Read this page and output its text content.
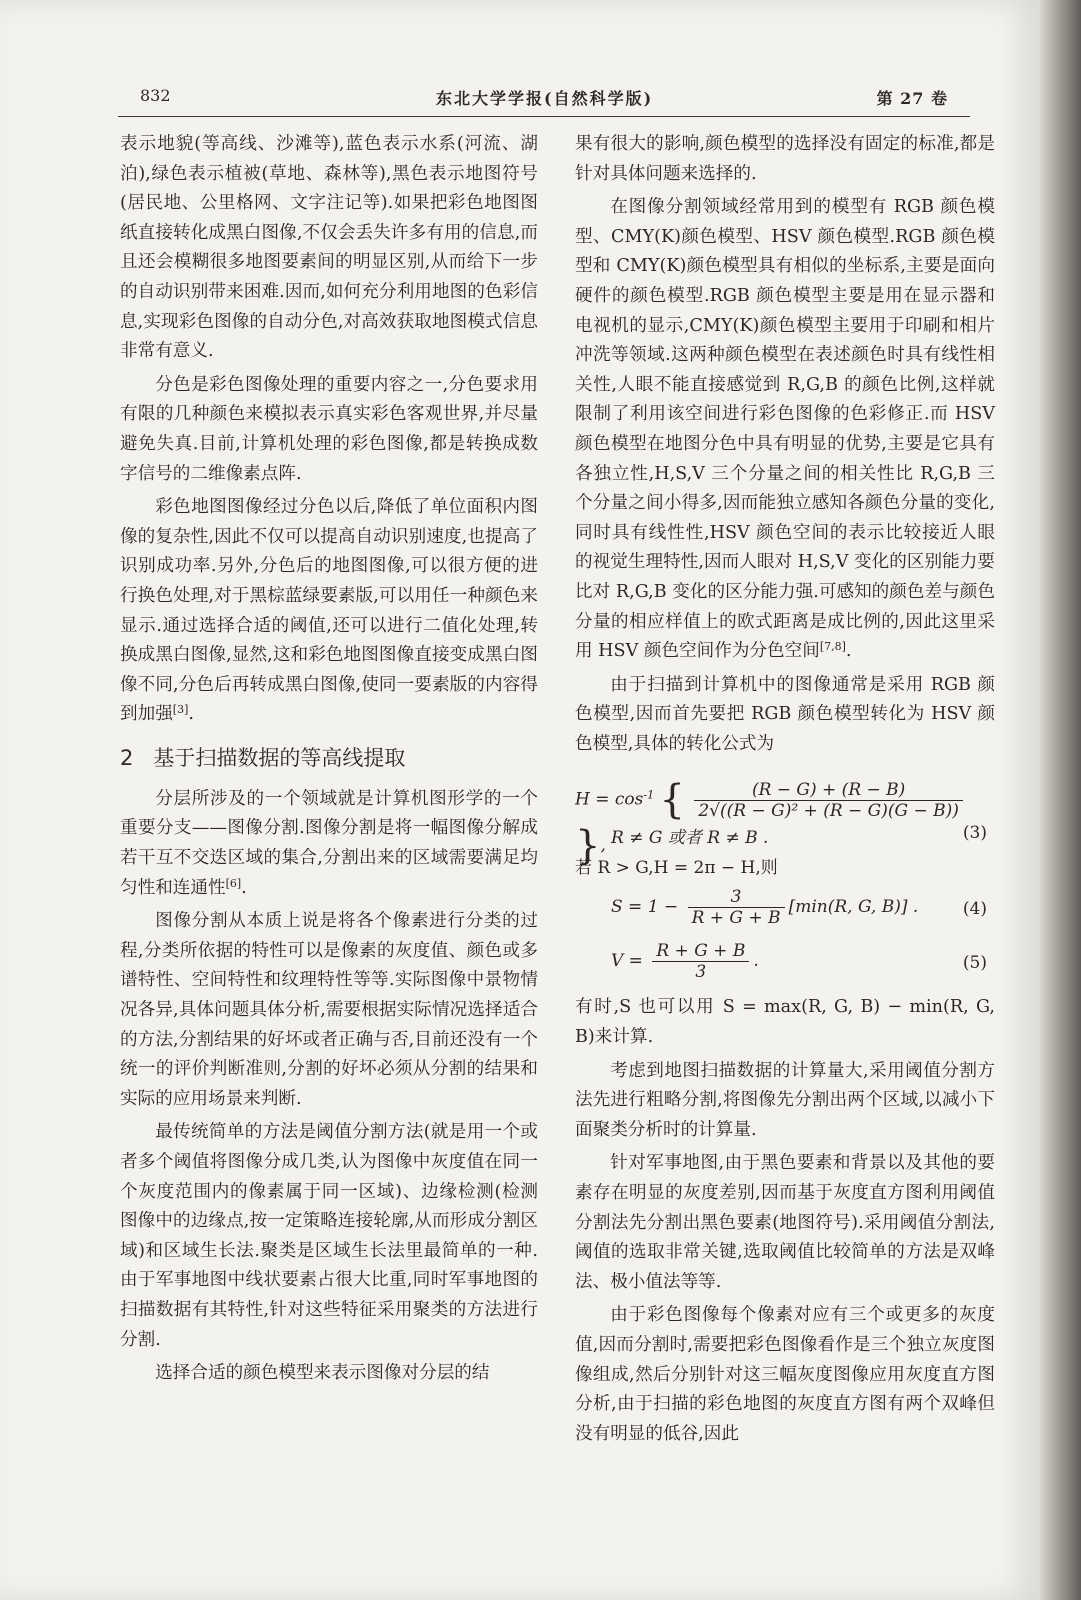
832	东北大学学报(自然科学版)	第 27 卷

表示地貌(等高线、沙滩等),蓝色表示水系(河流、湖泊),绿色表示植被(草地、森林等),黑色表示地图符号(居民地、公里格网、文字注记等).如果把彩色地图图纸直接转化成黑白图像,不仅会丢失许多有用的信息,而且还会模糊很多地图要素间的明显区别,从而给下一步的自动识别带来困难.因而,如何充分利用地图的色彩信息,实现彩色图像的自动分色,对高效获取地图模式信息非常有意义.

分色是彩色图像处理的重要内容之一,分色要求用有限的几种颜色来模拟表示真实彩色客观世界,并尽量避免失真.目前,计算机处理的彩色图像,都是转换成数字信号的二维像素点阵.

彩色地图图像经过分色以后,降低了单位面积内图像的复杂性,因此不仅可以提高自动识别速度,也提高了识别成功率.另外,分色后的地图图像,可以很方便的进行换色处理,对于黑棕蓝绿要素版,可以用任一种颜色来显示.通过选择合适的阈值,还可以进行二值化处理,转换成黑白图像,显然,这和彩色地图图像直接变成黑白图像不同,分色后再转成黑白图像,使同一要素版的内容得到加强[3].

2 基于扫描数据的等高线提取

分层所涉及的一个领域就是计算机图形学的一个重要分支——图像分割.图像分割是将一幅图像分解成若干互不交迭区域的集合,分割出来的区域需要满足均匀性和连通性[6].

图像分割从本质上说是将各个像素进行分类的过程,分类所依据的特性可以是像素的灰度值、颜色或多谱特性、空间特性和纹理特性等等.实际图像中景物情况各异,具体问题具体分析,需要根据实际情况选择适合的方法,分割结果的好坏或者正确与否,目前还没有一个统一的评价判断准则,分割的好坏必须从分割的结果和实际的应用场景来判断.

最传统简单的方法是阈值分割方法(就是用一个或者多个阈值将图像分成几类,认为图像中灰度值在同一个灰度范围内的像素属于同一区域)、边缘检测(检测图像中的边缘点,按一定策略连接轮廓,从而形成分割区域)和区域生长法.聚类是区域生长法里最简单的一种.由于军事地图中线状要素占很大比重,同时军事地图的扫描数据有其特性,针对这些特征采用聚类的方法进行分割.

选择合适的颜色模型来表示图像对分层的结

果有很大的影响,颜色模型的选择没有固定的标准,都是针对具体问题来选择的.

在图像分割领域经常用到的模型有 RGB 颜色模型、CMY(K)颜色模型、HSV 颜色模型.RGB 颜色模型和 CMY(K)颜色模型具有相似的坐标系,主要是面向硬件的颜色模型.RGB 颜色模型主要是用在显示器和电视机的显示,CMY(K)颜色模型主要用于印刷和相片冲洗等领域.这两种颜色模型在表述颜色时具有线性相关性,人眼不能直接感觉到 R,G,B 的颜色比例,这样就限制了利用该空间进行彩色图像的色彩修正.而 HSV 颜色模型在地图分色中具有明显的优势,主要是它具有各独立性,H,S,V 三个分量之间的相关性比 R,G,B 三个分量之间小得多,因而能独立感知各颜色分量的变化,同时具有线性性,HSV 颜色空间的表示比较接近人眼的视觉生理特性,因而人眼对 H,S,V 变化的区别能力要比对 R,G,B 变化的区分能力强.可感知的颜色差与颜色分量的相应样值上的欧式距离是成比例的,因此这里采用 HSV 颜色空间作为分色空间[7,8].

由于扫描到计算机中的图像通常是采用 RGB 颜色模型,因而首先要把 RGB 颜色模型转化为 HSV 颜色模型,具体的转化公式为

$H = \cos^{-1}$ { $\frac{(R - G) + (R - B)}{\text{2√((R − G)² + (R − G)(G − B))}}$
}, R ≠ G 或者 R ≠ B .	(3)
若 R > G,H = 2π − H,则
$S = 1 - \frac{3}{R + G + B} [\min(R$, G, B)] .	(4)
$V = \frac{R + G + B}{3}$ .	(5)

有时,S 也可以用 S = max(R, G, B) − min(R, G, B)来计算.

考虑到地图扫描数据的计算量大,采用阈值分割方法先进行粗略分割,将图像先分割出两个区域,以减小下面聚类分析时的计算量.

针对军事地图,由于黑色要素和背景以及其他的要素存在明显的灰度差别,因而基于灰度直方图利用阈值分割法先分割出黑色要素(地图符号).采用阈值分割法,阈值的选取非常关键,选取阈值比较简单的方法是双峰法、极小值法等等.

由于彩色图像每个像素对应有三个或更多的灰度值,因而分割时,需要把彩色图像看作是三个独立灰度图像组成,然后分别针对这三幅灰度图像应用灰度直方图分析,由于扫描的彩色地图的灰度直方图有两个双峰但没有明显的低谷,因此
